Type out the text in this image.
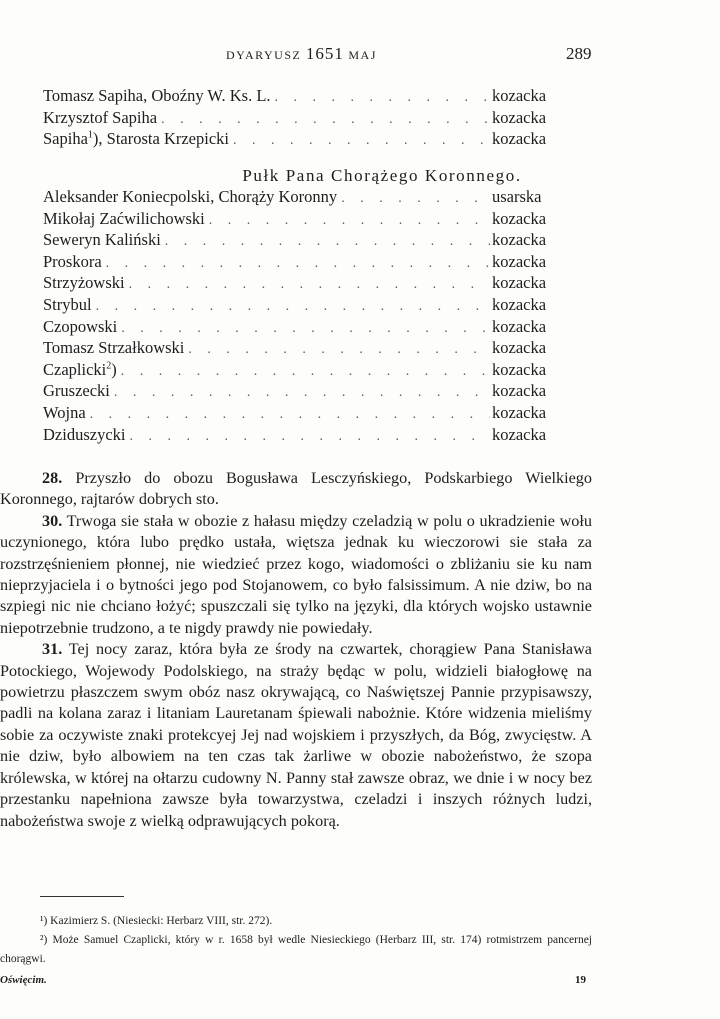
DYARYUSZ 1651 MAJ	289
Tomasz Sapiha, Oboźny W. Ks. L. . . .	kozacka
Krzysztof Sapiha . . .	kozacka
Sapiha$^1$), Starosta Krzepicki . . .	kozacka
Pułk Pana Chorążego Koronnego.
Aleksander Koniecpolski, Chorąży Koronny . . .	usarska
Mikołaj Zaćwilichowski . . .	kozacka
Seweryn Kaliński . . .	kozacka
Proskora . . .	kozacka
Strzyżowski . . .	kozacka
Strybul . . .	kozacka
Czopowski . . .	kozacka
Tomasz Strzałkowski . . .	kozacka
Czaplicki$^2$) . . .	kozacka
Gruszecki . . .	kozacka
Wojna . . .	kozacka
Dziduszycki . . .	kozacka

28. Przyszło do obozu Bogusława Lesczyńskiego, Podskarbiego Wielkiego Koronnego, rajtarów dobrych sto.

30. Trwoga sie stała w obozie z hałasu między czeladzią w polu o ukradzienie wołu uczynionego, która lubo prędko ustała, więtsza jednak ku wieczorowi sie stała za rozstrzęśnieniem płonnej, nie wiedzieć przez kogo, wiadomości o zbliżaniu sie ku nam nieprzyjaciela i o bytności jego pod Stojanowem, co było falsissimum. A nie dziw, bo na szpiegi nic nie chciano łożyć; spuszczali się tylko na języki, dla których wojsko ustawnie niepotrzebnie trudzono, a te nigdy prawdy nie powiedały.

31. Tej nocy zaraz, która była ze środy na czwartek, chorągiew Pana Stanisława Potockiego, Wojewody Podolskiego, na straży będąc w polu, widzieli białogłowę na powietrzu płaszczem swym obóz nasz okrywającą, co Naświętszej Pannie przypisawszy, padli na kolana zaraz i litaniam Lauretanam śpiewali nabożnie. Które widzenia mieliśmy sobie za oczywiste znaki protekcyej Jej nad wojskiem i przyszłych, da Bóg, zwycięstw. A nie dziw, było albowiem na ten czas tak żarliwe w obozie nabożeństwo, że szopa królewska, w której na ołtarzu cudowny N. Panny stał zawsze obraz, we dnie i w nocy bez przestanku napełniona zawsze była towarzystwa, czeladzi i inszych różnych ludzi, nabożeństwa swoje z wielką odprawujących pokorą.

¹) Kazimierz S. (Niesiecki: Herbarz VIII, str. 272).

²) Może Samuel Czaplicki, który w r. 1658 był wedle Niesieckiego (Herbarz III, str. 174) rotmistrzem pancernej chorągwi.

Oświęcim.	19
